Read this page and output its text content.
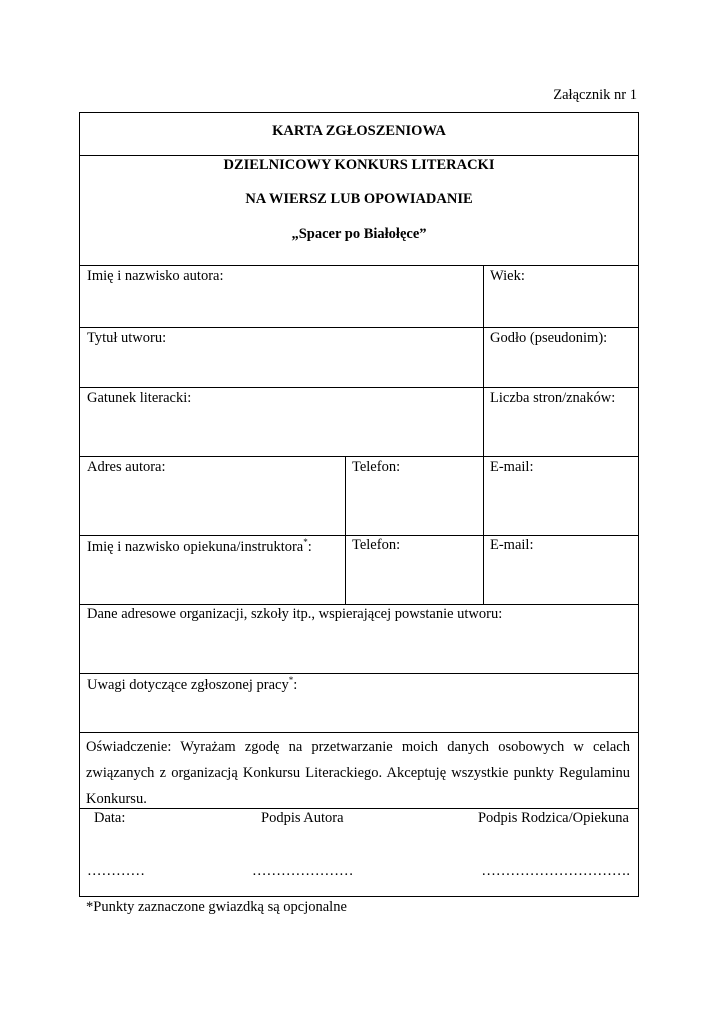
Załącznik nr 1
KARTA ZGŁOSZENIOWA
DZIELNICOWY KONKURS LITERACKI
NA WIERSZ LUB OPOWIADANIE
„Spacer po Białołęce”
Imię i nazwisko autora:	Wiek:
Tytuł utworu:	Godło (pseudonim):
Gatunek literacki:	Liczba stron/znaków:
Adres autora:	Telefon:	E-mail:
Imię i nazwisko opiekuna/instruktora*:	Telefon:	E-mail:
Dane adresowe organizacji, szkoły itp., wspierającej powstanie utworu:
Uwagi dotyczące zgłoszonej pracy*:
Oświadczenie: Wyrażam zgodę na przetwarzanie moich danych osobowych w celach związanych z organizacją Konkursu Literackiego. Akceptuję wszystkie punkty Regulaminu Konkursu.
Data:	Podpis Autora	Podpis Rodzica/Opiekuna
…………	…………………	………………………….
*Punkty zaznaczone gwiazdką są opcjonalne
